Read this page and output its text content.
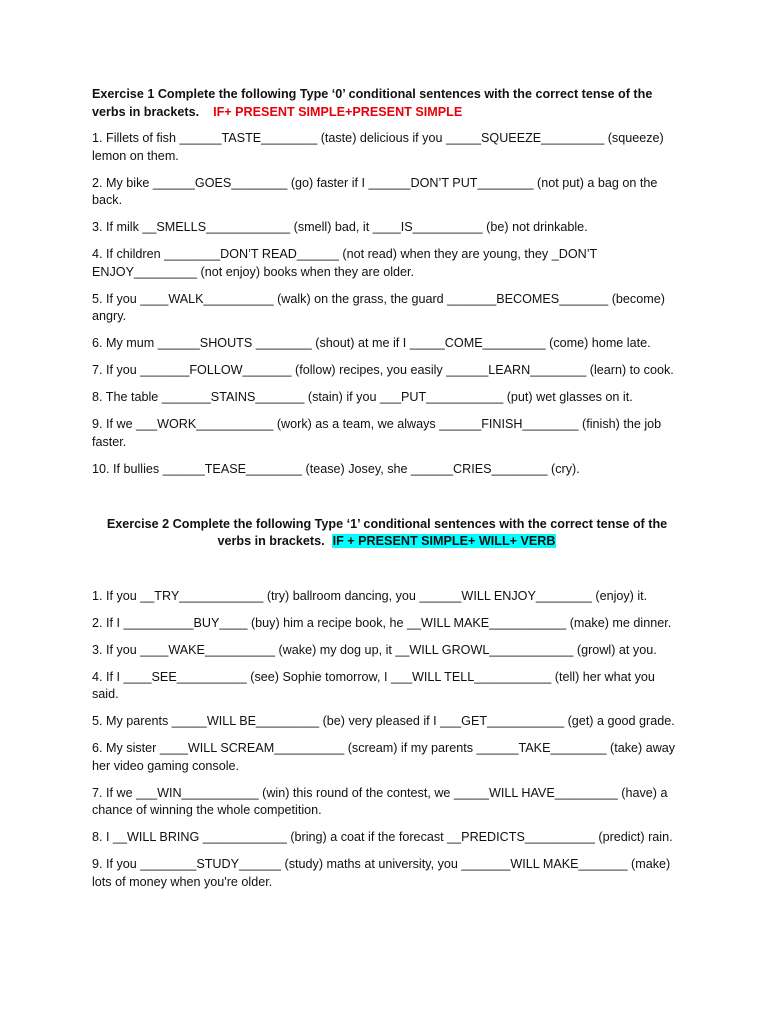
Exercise 1 Complete the following Type ‘0’ conditional sentences with the correct tense of the verbs in brackets. IF+ PRESENT SIMPLE+PRESENT SIMPLE

1. Fillets of fish ______TASTE________ (taste) delicious if you _____SQUEEZE_________ (squeeze) lemon on them.

2. My bike ______GOES________ (go) faster if I ______DON’T PUT________ (not put) a bag on the back.

3. If milk __SMELLS____________ (smell) bad, it ____IS__________ (be) not drinkable.

4. If children ________DON’T READ______ (not read) when they are young, they _DON’T ENJOY_________ (not enjoy) books when they are older.

5. If you ____WALK__________ (walk) on the grass, the guard _______BECOMES_______ (become) angry.

6. My mum ______SHOUTS ________ (shout) at me if I _____COME_________ (come) home late.

7. If you _______FOLLOW_______ (follow) recipes, you easily ______LEARN________ (learn) to cook.

8. The table _______STAINS_______ (stain) if you ___PUT___________ (put) wet glasses on it.

9. If we ___WORK___________ (work) as a team, we always ______FINISH________ (finish) the job faster.

10. If bullies ______TEASE________ (tease) Josey, she ______CRIES________ (cry).

Exercise 2 Complete the following Type ‘1’ conditional sentences with the correct tense of the verbs in brackets. IF + PRESENT SIMPLE+ WILL+ VERB

1. If you __TRY____________ (try) ballroom dancing, you ______WILL ENJOY________ (enjoy) it.

2. If I __________BUY____ (buy) him a recipe book, he __WILL MAKE___________ (make) me dinner.

3. If you ____WAKE__________ (wake) my dog up, it __WILL GROWL____________ (growl) at you.

4. If I ____SEE__________ (see) Sophie tomorrow, I ___WILL TELL___________ (tell) her what you said.

5. My parents _____WILL BE_________ (be) very pleased if I ___GET___________ (get) a good grade.

6. My sister ____WILL SCREAM__________ (scream) if my parents ______TAKE________ (take) away her video gaming console.

7. If we ___WIN___________ (win) this round of the contest, we _____WILL HAVE_________ (have) a chance of winning the whole competition.

8. I __WILL BRING ____________ (bring) a coat if the forecast __PREDICTS__________ (predict) rain.

9. If you ________STUDY______ (study) maths at university, you _______WILL MAKE_______ (make) lots of money when you're older.
